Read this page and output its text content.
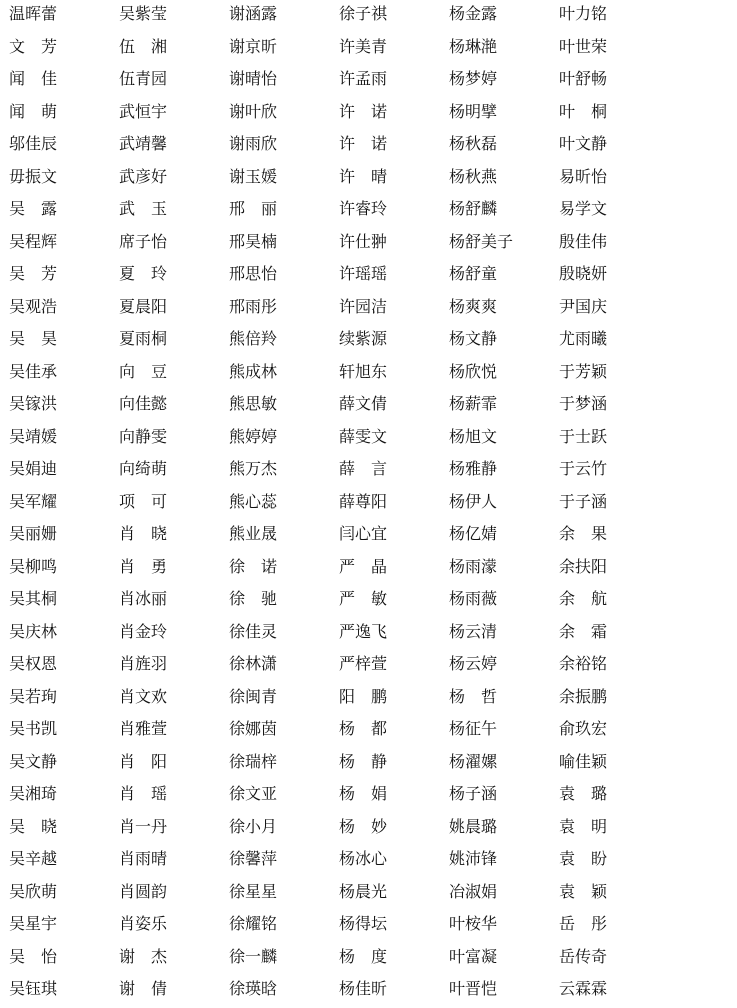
温晖蕾	吴紫莹	谢涵露	徐子祺	杨金露	叶力铭
文　芳	伍　湘	谢京昕	许美青	杨琳滟	叶世荣
闻　佳	伍青园	谢晴怡	许孟雨	杨梦婷	叶舒畅
闻　萌	武恒宇	谢叶欣	许　诺	杨明擘	叶　桐
邬佳辰	武靖馨	谢雨欣	许　诺	杨秋磊	叶文静
毋振文	武彦好	谢玉媛	许　晴	杨秋燕	易昕怡
吴　露	武　玉	邢　丽	许睿玲	杨舒麟	易学文
吴程辉	席子怡	邢昊楠	许仕翀	杨舒美子	殷佳伟
吴　芳	夏　玲	邢思怡	许瑶瑶	杨舒童	殷晓妍
吴观浩	夏晨阳	邢雨彤	许园洁	杨爽爽	尹国庆
吴　昊	夏雨桐	熊倍羚	续紫源	杨文静	尤雨曦
吴佳承	向　豆	熊成林	轩旭东	杨欣悦	于芳颖
吴镓洪	向佳懿	熊思敏	薛文倩	杨薪霏	于梦涵
吴靖媛	向静雯	熊婷婷	薛雯文	杨旭文	于士跃
吴娟迪	向绮萌	熊万杰	薛　言	杨雅静	于云竹
吴军耀	项　可	熊心蕊	薛尊阳	杨伊人	于子涵
吴丽姗	肖　晓	熊业晟	闫心宜	杨亿婧	余　果
吴柳鸣	肖　勇	徐　诺	严　晶	杨雨濛	余扶阳
吴其桐	肖冰丽	徐　驰	严　敏	杨雨薇	余　航
吴庆林	肖金玲	徐佳灵	严逸飞	杨云清	余　霜
吴权恩	肖旌羽	徐林潇	严梓萱	杨云婷	余裕铭
吴若珣	肖文欢	徐闽青	阳　鹏	杨　哲	余振鹏
吴书凯	肖雅萱	徐娜茵	杨　都	杨征午	俞玖宏
吴文静	肖　阳	徐瑞梓	杨　静	杨濯嫘	喻佳颖
吴湘琦	肖　瑶	徐文亚	杨　娟	杨子涵	袁　璐
吴　晓	肖一丹	徐小月	杨　妙	姚晨璐	袁　明
吴辛越	肖雨晴	徐馨萍	杨冰心	姚沛锋	袁　盼
吴欣萌	肖圆韵	徐星星	杨晨光	冶淑娟	袁　颖
吴星宇	肖姿乐	徐耀铭	杨得坛	叶桉华	岳　彤
吴　怡	谢　杰	徐一麟	杨　度	叶富凝	岳传奇
吴钰琪	谢　倩	徐瑛晗	杨佳昕	叶晋恺	云霖霖
